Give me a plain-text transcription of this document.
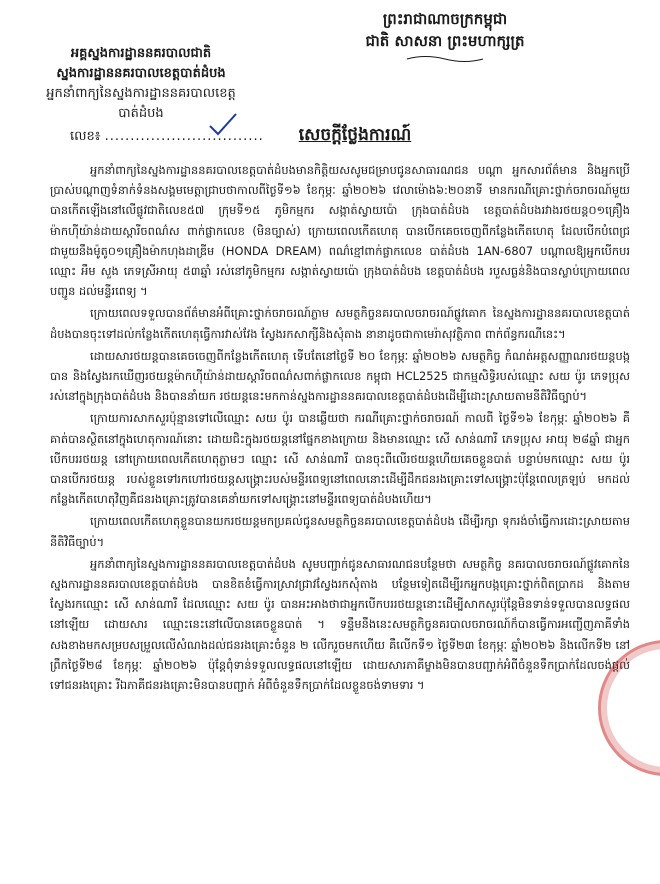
ព្រះរាជាណាចក្រកម្ពុជា
ជាតិ សាសនា ព្រះមហាក្សត្រ
អគ្គស្នងការដ្ឋាននគរបាលជាតិ
ស្នងការដ្ឋាននគរបាលខេត្តបាត់ដំបង
អ្នកនាំពាក្យនៃស្នងការដ្ឋាននគរបាលខេត្ត
បាត់ដំបង
លេខ៖ ...............................	សេចក្តីថ្លែងការណ៍

អ្នកនាំពាក្យនៃស្នងការដ្ឋាននគរបាលខេត្តបាត់ដំបងមានកិត្តិយសសូមជម្រាបជូនសាធារណជន បណ្តា អ្នកសារព័ត៌មាន និងអ្នកប្រើប្រាស់បណ្តាញទំនាក់ទំនងសង្គមមេត្តាជ្រាបថាកាលពីថ្ងៃទី១៦ ខែកុម្ភៈ ឆ្នាំ២០២៦ វេលាម៉ោង៦:២០នាទី មានករណីគ្រោះថ្នាក់ចរាចរណ៍មួយបានកើតឡើងនៅលើផ្លូវជាតិលេខ៥៧ ក្រុមទី១៥ ភូមិកម្មករ សង្កាត់ស្វាយប៉ោ ក្រុងបាត់ដំបង ខេត្តបាត់ដំបងរវាងរថយន្ត០១គ្រឿងម៉ាកហ៊ីយ៉ាន់ដាយស្តារីចពណ៌ស ពាក់ផ្លាកលេខ (មិនច្បាស់) ក្រោយពេលកើតហេតុ បានបើកគេចចេញពីកន្លែងកើតហេតុ ដែលបើកបំពេជ្រជាមួយនឹងម៉ូតូ០១គ្រឿងម៉ាកហុងដាឌ្រីម (HONDA DREAM) ពណ៌ខ្មៅពាក់ផ្លាកលេខ បាត់ដំបង 1AN-6807 បណ្តាលឱ្យអ្នកបើកបរឈ្មោះ អឹម សួង ភេទស្រីអាយុ ៥៣ឆ្នាំ រស់នៅភូមិកម្មករ សង្កាត់ស្វាយប៉ោ ក្រុងបាត់ដំបង ខេត្តបាត់ដំបង របួសធ្ងន់និងបានស្លាប់ក្រោយពេលបញ្ជូន ដល់មន្ទីរពេទ្យ ។

ក្រោយពេលទទួលបានព័ត៌មានអំពីគ្រោះថ្នាក់ចរាចរណ៍ភ្លាម សមត្ថកិច្ចនគរបាលចរាចរណ៍ផ្លូវគោក នៃស្នងការដ្ឋាននគរបាលខេត្តបាត់ដំបងបានចុះទៅដល់កន្លែងកើតហេតុធ្វើការវាស់វែង ស្វែងរកសាក្សីនិងសុំតាង នានាដូចជាកាមេរ៉ាសុវត្ថិភាព ពាក់ព័ន្ធករណីនេះ។

ដោយសារថយន្តបានគេចចេញពីកន្លែងកើតហេតុ ទើបតែនៅថ្ងៃទី ២០ ខែកុម្ភៈ ឆ្នាំ២០២៦ សមត្ថកិច្ច កំណត់អត្តសញ្ញាណរថយន្តបង្កបាន និងស្វែងរកឃើញរថយន្តម៉ាកហ៊ីយ៉ាន់ដាយស្តារីចពណ៌សពាក់ផ្លាកលេខ កម្ពុជា HCL2525 ជាកម្មសិទ្ធិរបស់ឈ្មោះ សយ ប៉ូរ ភេទប្រុស រស់នៅក្នុងក្រុងបាត់ដំបង និងបាននាំយក រថយន្តនេះមកកាន់ស្នងការដ្ឋាននគរបាលខេត្តបាត់ដំបងដើម្បីដោះស្រាយតាមនីតិវិធីច្បាប់។

ក្រោយការសាកសួរប៉ុន្មានទៅលើឈ្មោះ សយ ប៉ូរ បានឆ្លើយថា ករណីគ្រោះថ្នាក់ចរាចរណ៍ កាលពី ថ្ងៃទី១៦ ខែកុម្ភៈ ឆ្នាំ២០២៦ គឺគាត់បានស្ថិតនៅក្នុងហេតុការណ៍នោះ ដោយជិះក្នុងរថយន្តនៅផ្នែកខាងក្រោយ និងមានឈ្មោះ សើ សាន់ណារី ភេទប្រុស អាយុ ២៨ឆ្នាំ ជាអ្នកបើកបររថយន្ត នៅក្រោយពេលកើតហេតុភ្លាមៗ ឈ្មោះ សើ សាន់ណារី បានចុះពីលើរថយន្តហើយគេចខ្លួនបាត់ បន្ទាប់មកឈ្មោះ សយ ប៉ូរ បានបើករថយន្ត របស់ខ្លួនទៅរកហៅរថយន្តសង្គ្រោះរបស់មន្ទីរពេទ្យនៅពេលនោះដើម្បីដឹកជនរងគ្រោះទៅសង្គ្រោះប៉ុន្តែពេលត្រឡប់ មកដល់កន្លែងកើតហេតុវិញគឺជនរងគ្រោះត្រូវបានគេនាំយកទៅសង្គ្រោះនៅមន្ទីរពេទ្យបាត់ដំបងហើយ។

ក្រោយពេលកើតហេតុខ្លួនបានយករថយន្តមកប្រគល់ជូនសមត្ថកិច្ចនគរបាលខេត្តបាត់ដំបង ដើម្បីរក្សា ទុករង់ចាំធ្វើការដោះស្រាយតាមនីតិវិធីច្បាប់។

អ្នកនាំពាក្យនៃស្នងការដ្ឋាននគរបាលខេត្តបាត់ដំបង សូមបញ្ជាក់ជូនសាធារណជនបន្ថែមថា សមត្ថកិច្ច នគរបាលចរាចរណ៍ផ្លូវគោកនៃស្នងការដ្ឋាននគរបាលខេត្តបាត់ដំបង បានខិតខំធ្វើការស្រាវជ្រាវស្វែងរកសុំតាង បន្ថែមទៀតដើម្បីរកអ្នកបង្កគ្រោះថ្នាក់ពិតប្រាកដ និងតាមស្វែងរកឈ្មោះ សើ សាន់ណារី ដែលឈ្មោះ សយ ប៉ូរ បានអះអាងថាជាអ្នកបើកបររថយន្តនោះដើម្បីសាកសួរប៉ុន្តែមិនទាន់ទទួលបានលទ្ធផលនៅឡើយ ដោយសារ ឈ្មោះនេះនៅលើបានគេចខ្លួនបាត់ ។ ទន្ទឹមនឹងនេះសមត្ថកិច្ចនគរបាលចរាចរណ៍ក៏បានធ្វើការអញ្ជើញភាគីទាំង សងខាងមកសម្របសម្រួលលើសំណងដល់ជនរងគ្រោះចំនួន ២ លើករួចមកហើយ គឺលើកទី១ ថ្ងៃទី២៣ ខែកុម្ភៈ ឆ្នាំ២០២៦ និងលើកទី២ នៅព្រឹកថ្ងៃទី២៨ ខែកុម្ភៈ ឆ្នាំ២០២៦ ប៉ុន្តែពុំទាន់ទទួលលទ្ធផលនៅឡើយ ដោយសារភាគីម្ខាងមិនបានបញ្ជាក់អំពីចំនួនទឹកប្រាក់ដែលចង់ផ្តល់ទៅជនរងគ្រោះ រីឯភាគីជនរងគ្រោះមិនបានបញ្ជាក់ អំពីចំនួនទឹកប្រាក់ដែលខ្លួនចង់ទាមទារ ។
